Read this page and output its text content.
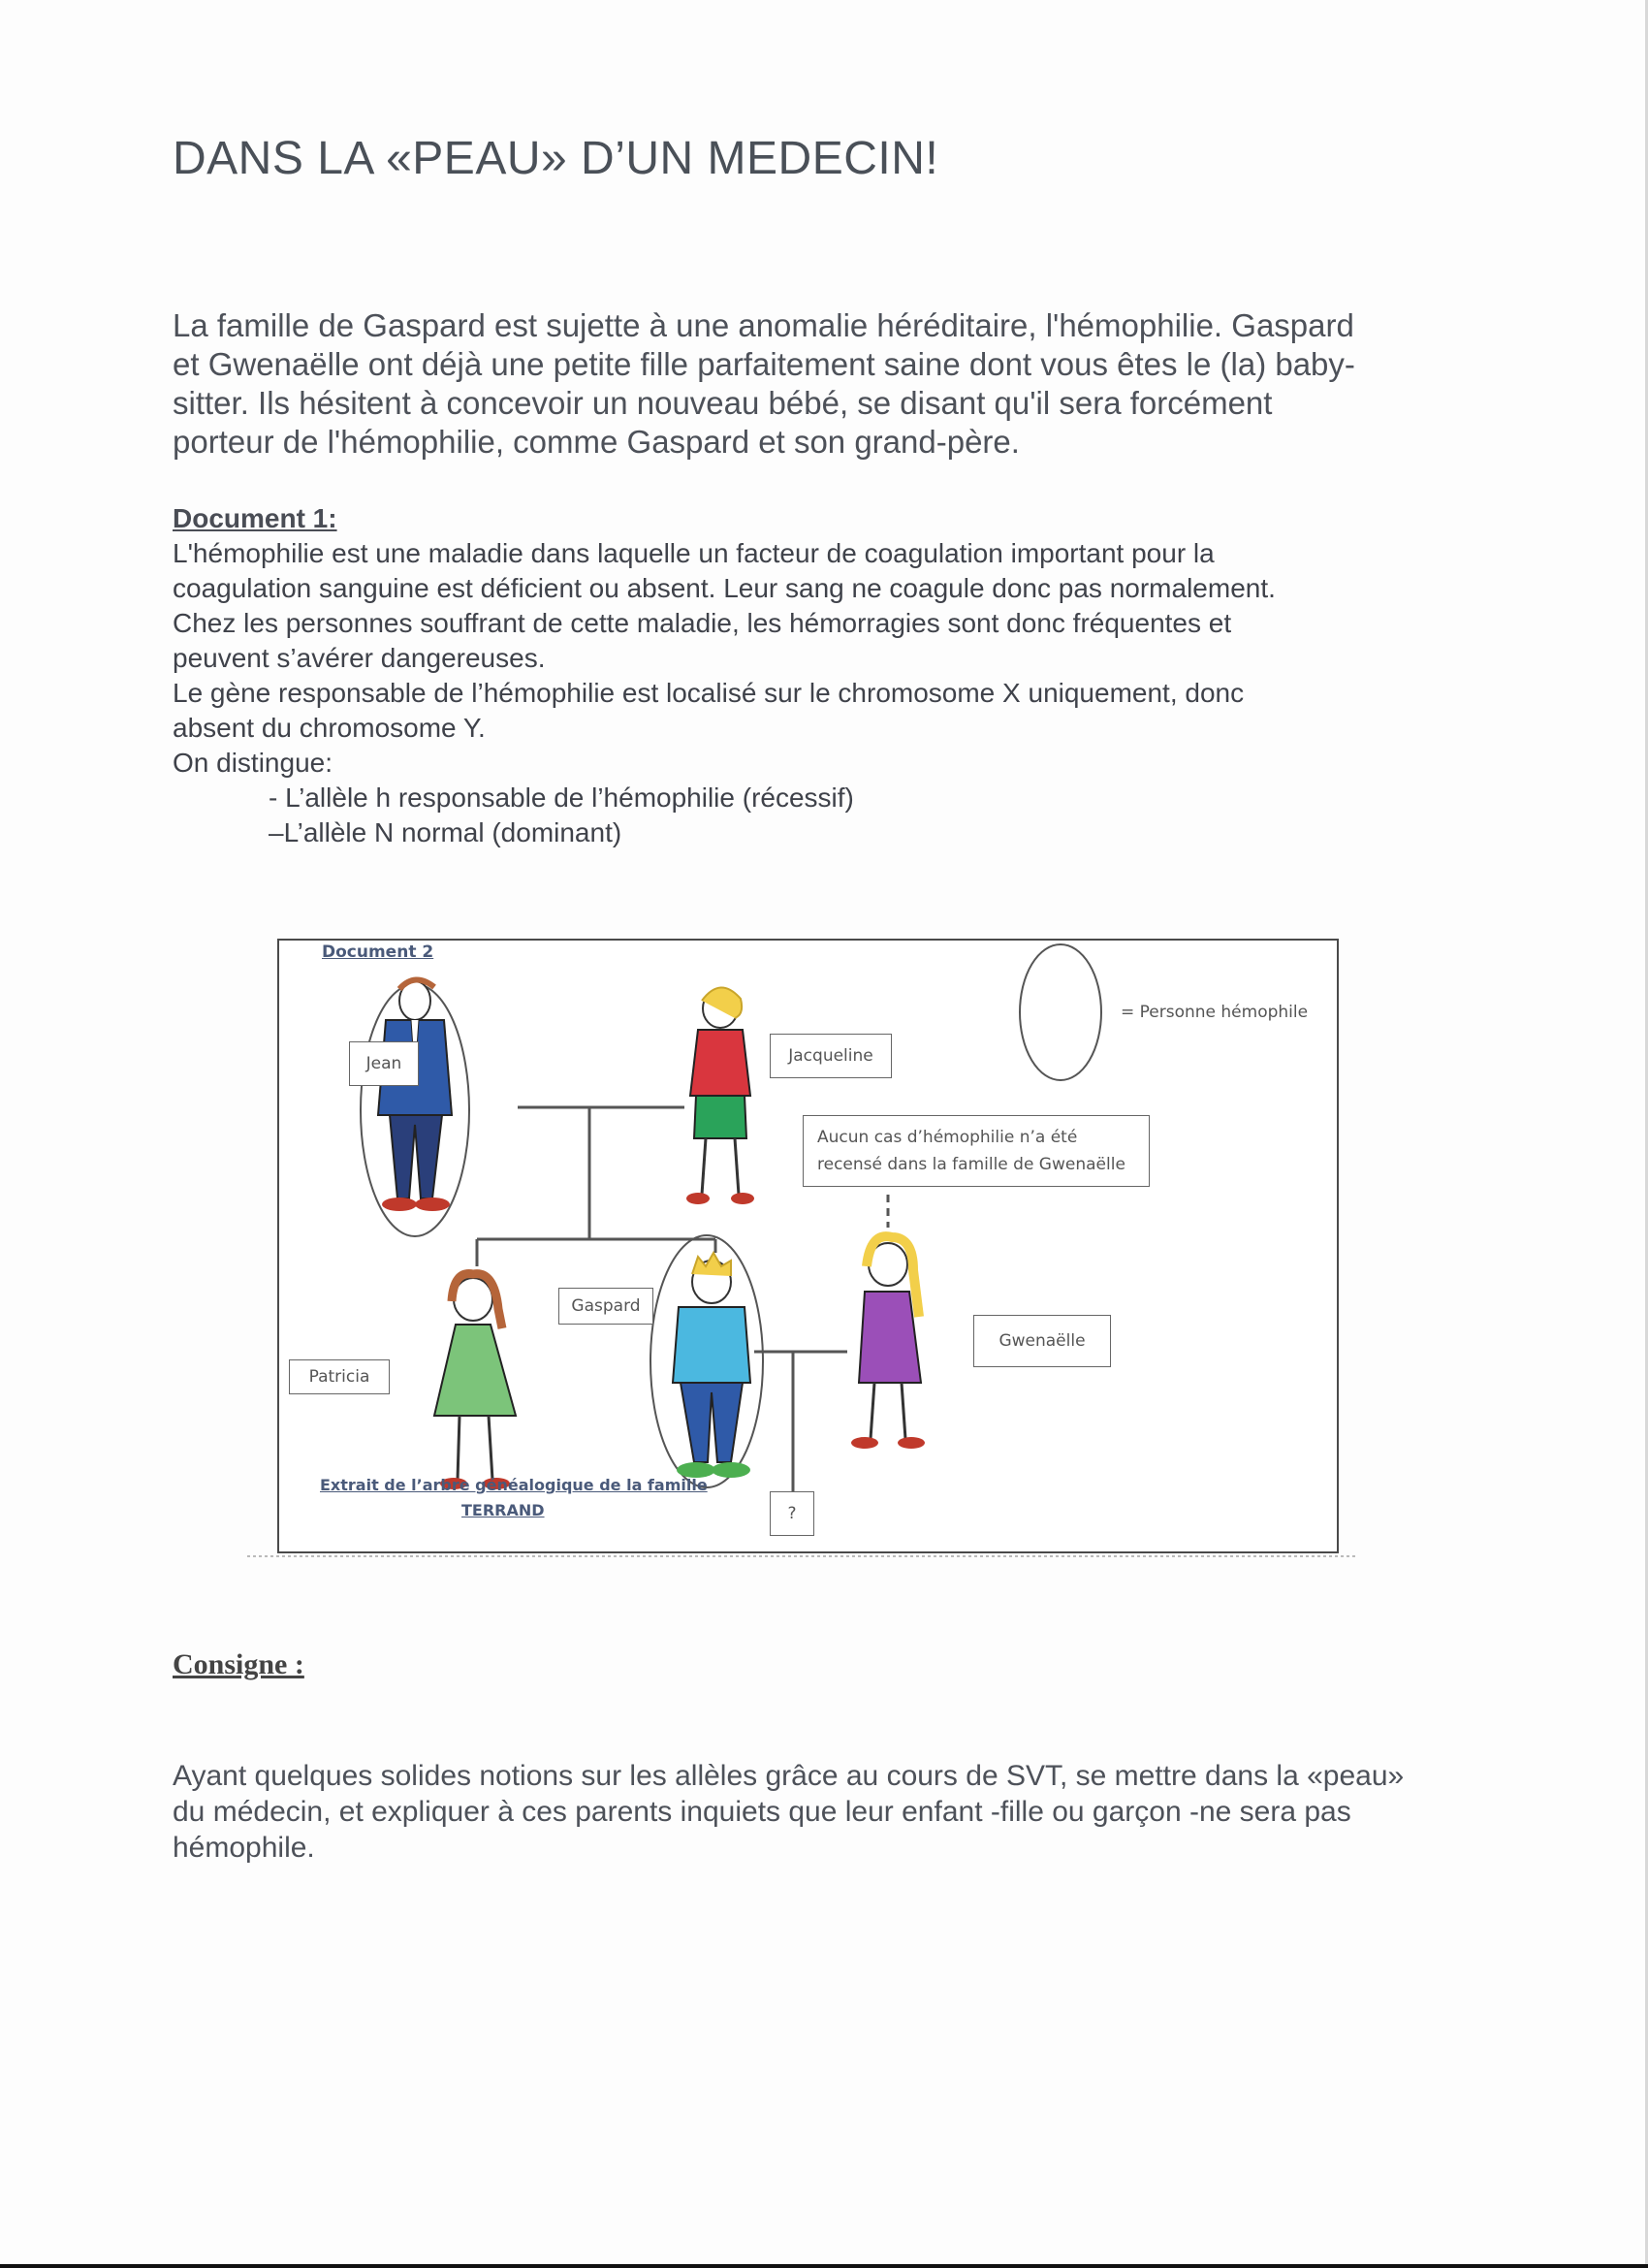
DANS LA «PEAU» D’UN MEDECIN!
La famille de Gaspard est sujette à une anomalie héréditaire, l'hémophilie. Gaspard
et Gwenaëlle ont déjà une petite fille parfaitement saine dont vous êtes le (la) baby-
sitter. Ils hésitent à concevoir un nouveau bébé, se disant qu'il sera forcément
porteur de l'hémophilie, comme Gaspard et son grand-père.
Document 1:
L'hémophilie est une maladie dans laquelle un facteur de coagulation important pour la
coagulation sanguine est déficient ou absent. Leur sang ne coagule donc pas normalement.
Chez les personnes souffrant de cette maladie, les hémorragies sont donc fréquentes et
peuvent s’avérer dangereuses.
Le gène responsable de l’hémophilie est localisé sur le chromosome X uniquement, donc
absent du chromosome Y.
On distingue:
- L’allèle h responsable de l’hémophilie (récessif)
–L’allèle N normal (dominant)
Document 2
= Personne hémophile
Jean	Jacqueline
Aucun cas d’hémophilie n’a été
recensé dans la famille de Gwenaëlle
Gaspard
Patricia
Gwenaëlle
?
Extrait de l’arbre généalogique de la famille
TERRAND
Consigne :
Ayant quelques solides notions sur les allèles grâce au cours de SVT, se mettre dans la «peau»
du médecin, et expliquer à ces parents inquiets que leur enfant -fille ou garçon -ne sera pas
hémophile.
